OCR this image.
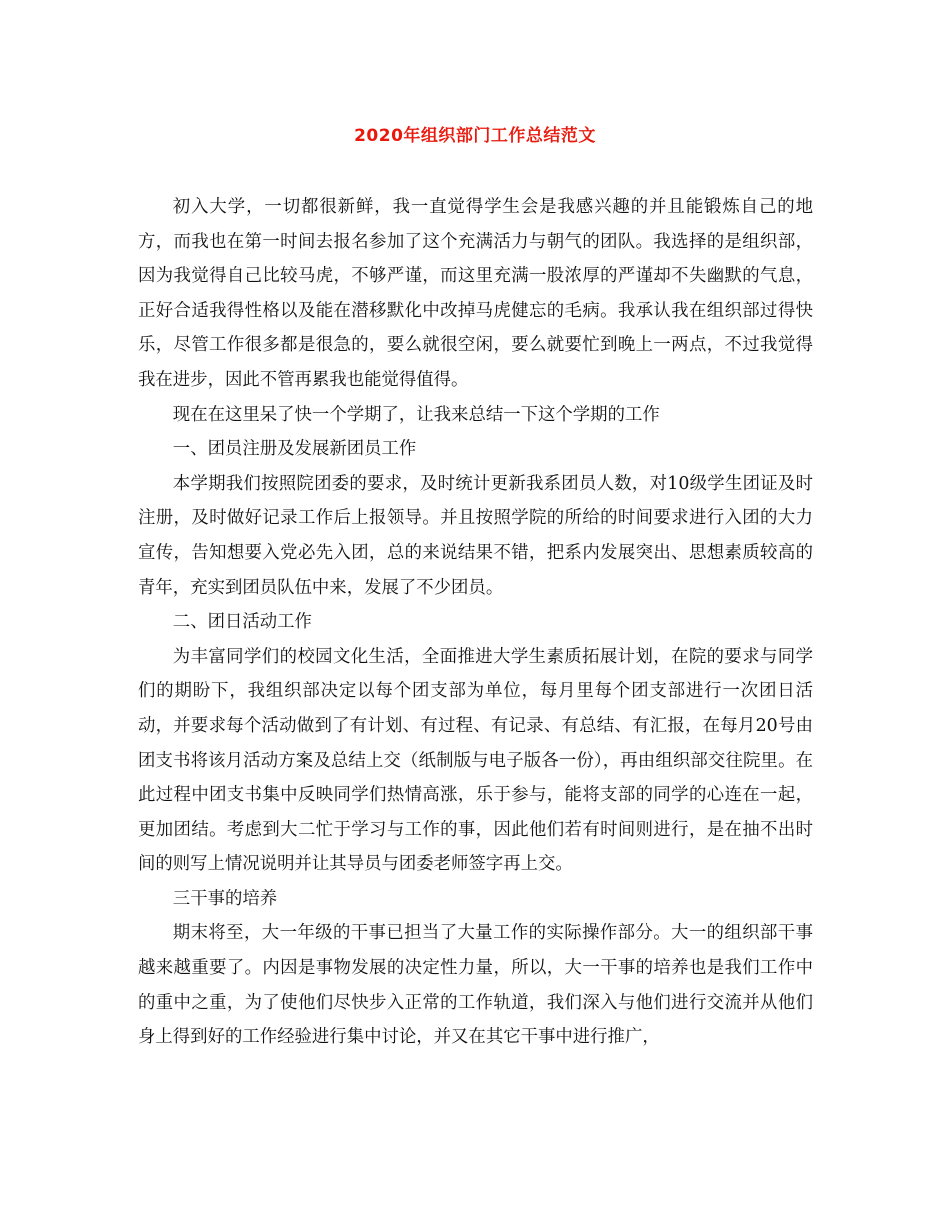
2020年组织部门工作总结范文

初入大学，一切都很新鲜，我一直觉得学生会是我感兴趣的并且能锻炼自己的地方，而我也在第一时间去报名参加了这个充满活力与朝气的团队。我选择的是组织部，因为我觉得自己比较马虎，不够严谨，而这里充满一股浓厚的严谨却不失幽默的气息，正好合适我得性格以及能在潜移默化中改掉马虎健忘的毛病。我承认我在组织部过得快乐，尽管工作很多都是很急的，要么就很空闲，要么就要忙到晚上一两点，不过我觉得我在进步，因此不管再累我也能觉得值得。

现在在这里呆了快一个学期了，让我来总结一下这个学期的工作

一、团员注册及发展新团员工作

本学期我们按照院团委的要求，及时统计更新我系团员人数，对10级学生团证及时注册，及时做好记录工作后上报领导。并且按照学院的所给的时间要求进行入团的大力宣传，告知想要入党必先入团，总的来说结果不错，把系内发展突出、思想素质较高的青年，充实到团员队伍中来，发展了不少团员。

二、团日活动工作

为丰富同学们的校园文化生活，全面推进大学生素质拓展计划，在院的要求与同学们的期盼下，我组织部决定以每个团支部为单位，每月里每个团支部进行一次团日活动，并要求每个活动做到了有计划、有过程、有记录、有总结、有汇报，在每月20号由团支书将该月活动方案及总结上交（纸制版与电子版各一份），再由组织部交往院里。在此过程中团支书集中反映同学们热情高涨，乐于参与，能将支部的同学的心连在一起，更加团结。考虑到大二忙于学习与工作的事，因此他们若有时间则进行，是在抽不出时间的则写上情况说明并让其导员与团委老师签字再上交。

三干事的培养

期末将至，大一年级的干事已担当了大量工作的实际操作部分。大一的组织部干事越来越重要了。内因是事物发展的决定性力量，所以，大一干事的培养也是我们工作中的重中之重，为了使他们尽快步入正常的工作轨道，我们深入与他们进行交流并从他们身上得到好的工作经验进行集中讨论，并又在其它干事中进行推广，
